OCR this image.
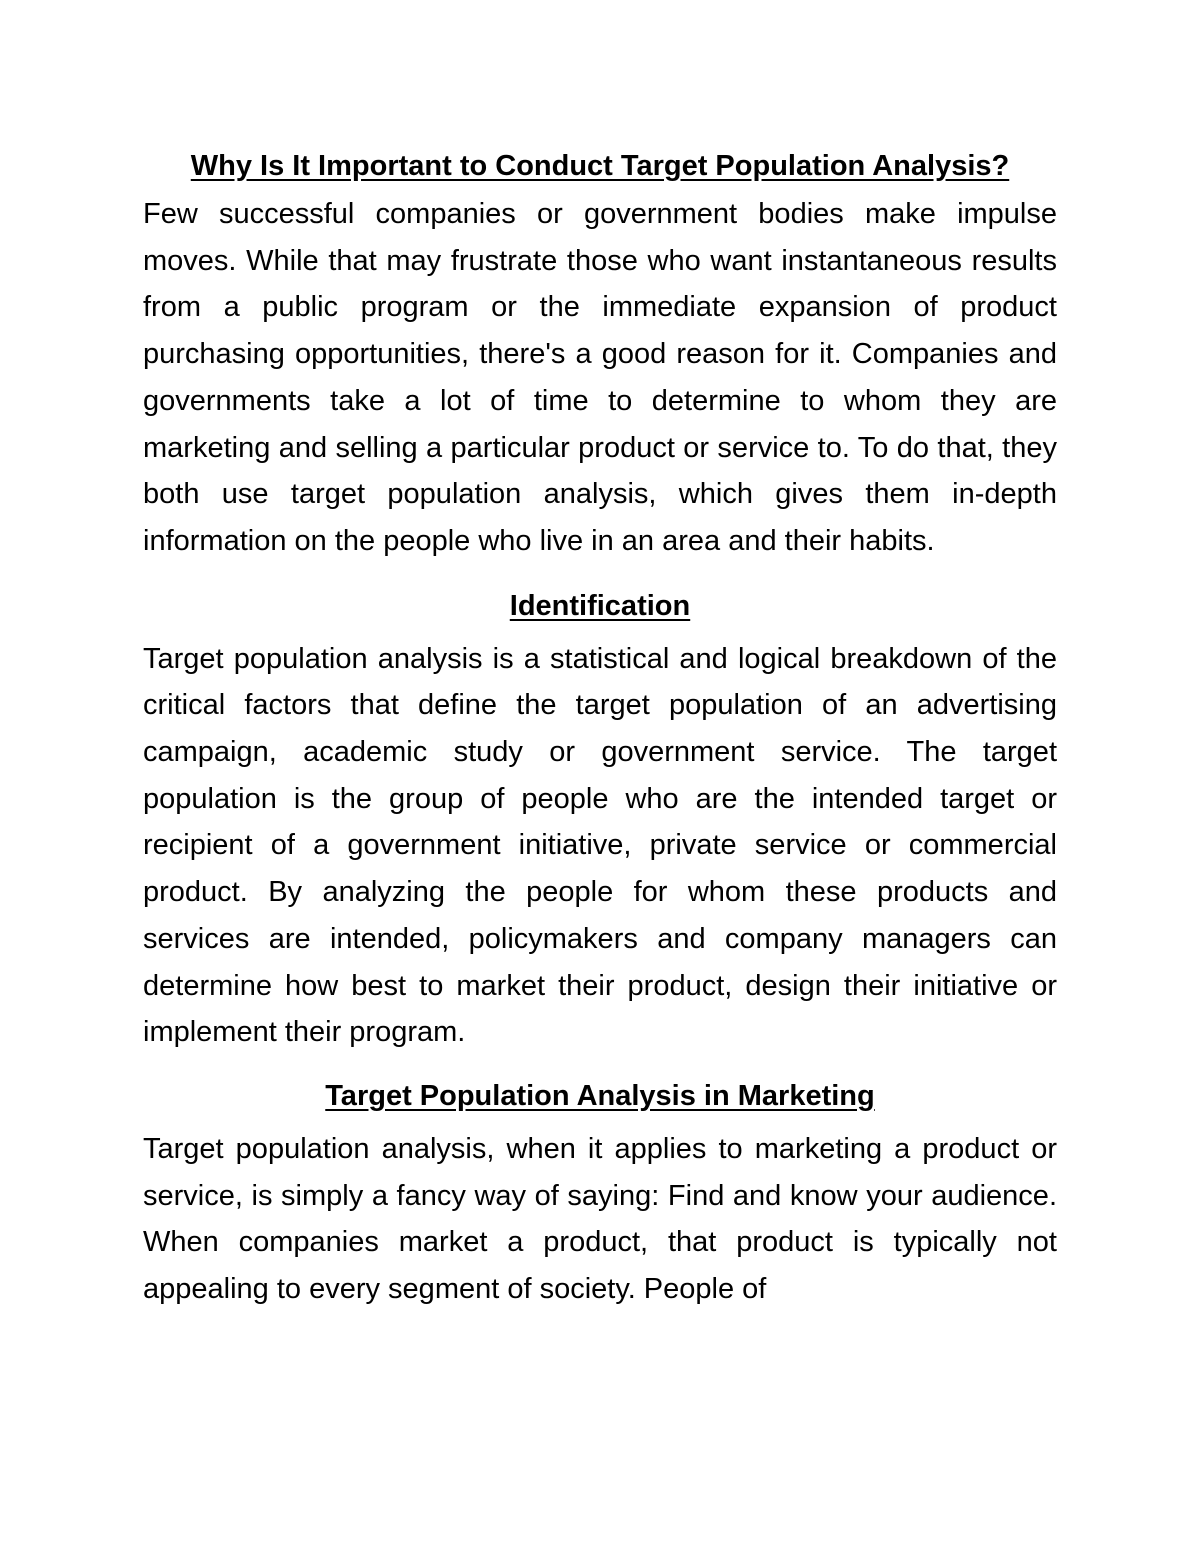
Why Is It Important to Conduct Target Population Analysis?

Few successful companies or government bodies make impulse moves. While that may frustrate those who want instantaneous results from a public program or the immediate expansion of product purchasing opportunities, there's a good reason for it. Companies and governments take a lot of time to determine to whom they are marketing and selling a particular product or service to. To do that, they both use target population analysis, which gives them in-depth information on the people who live in an area and their habits.

Identification

Target population analysis is a statistical and logical breakdown of the critical factors that define the target population of an advertising campaign, academic study or government service. The target population is the group of people who are the intended target or recipient of a government initiative, private service or commercial product. By analyzing the people for whom these products and services are intended, policymakers and company managers can determine how best to market their product, design their initiative or implement their program.

Target Population Analysis in Marketing

Target population analysis, when it applies to marketing a product or service, is simply a fancy way of saying: Find and know your audience. When companies market a product, that product is typically not appealing to every segment of society. People of
